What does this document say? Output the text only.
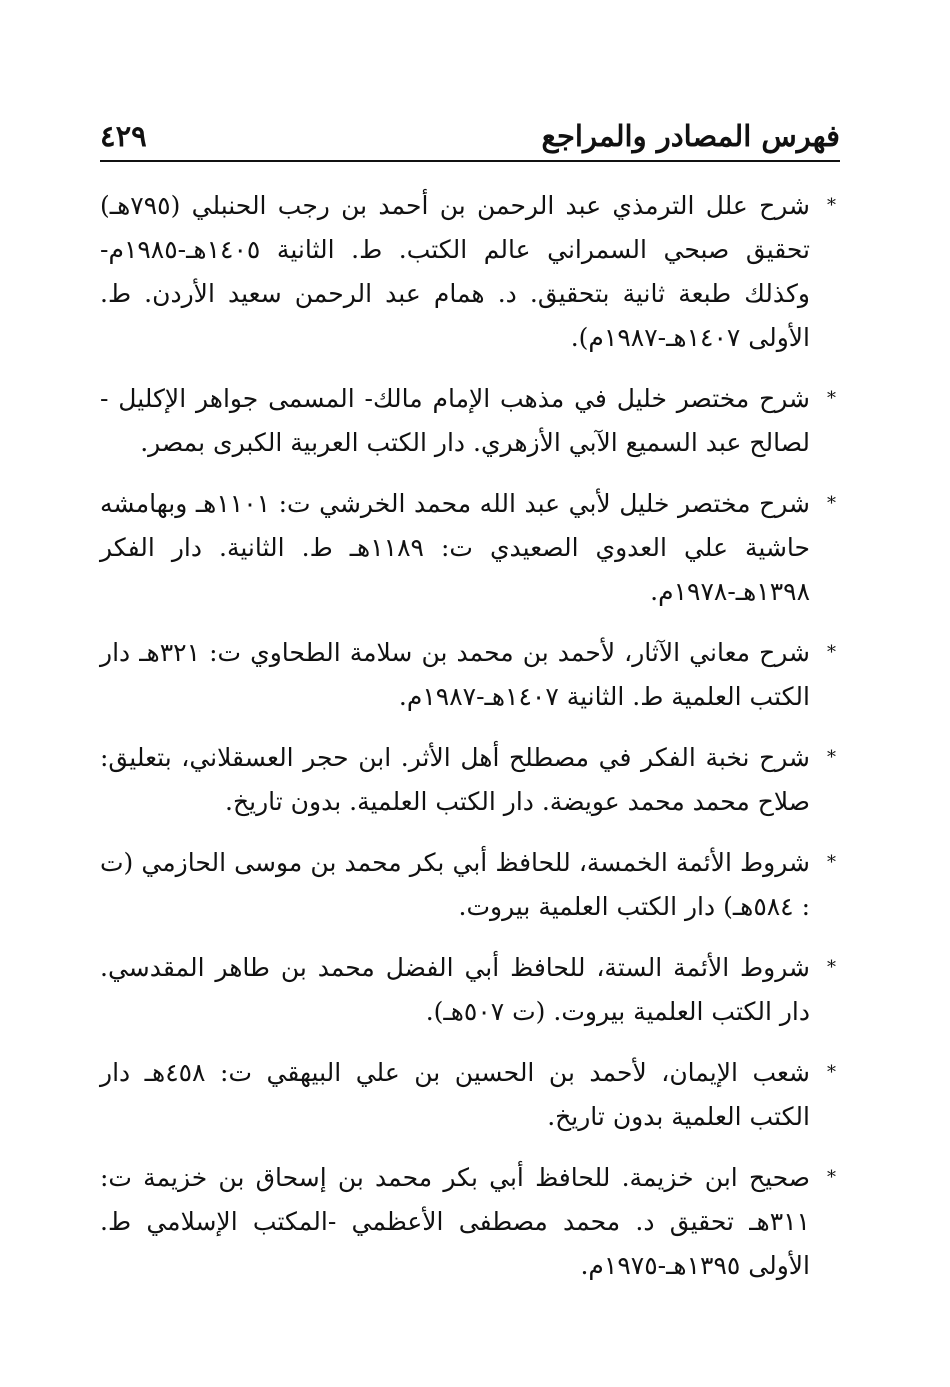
فهرس المصادر والمراجع
٤٢٩
*
شرح علل الترمذي عبد الرحمن بن أحمد بن رجب الحنبلي (٧٩٥هـ) تحقيق صبحي السمراني عالم الكتب. ط. الثانية ١٤٠٥هـ-١٩٨٥م- وكذلك طبعة ثانية بتحقيق. د. همام عبد الرحمن سعيد الأردن. ط. الأولى ١٤٠٧هـ-١٩٨٧م).
*
شرح مختصر خليل في مذهب الإمام مالك- المسمى جواهر الإكليل - لصالح عبد السميع الآبي الأزهري. دار الكتب العربية الكبرى بمصر.
*
شرح مختصر خليل لأبي عبد الله محمد الخرشي ت: ١١٠١هـ وبهامشه حاشية علي العدوي الصعيدي ت: ١١٨٩هـ ط. الثانية. دار الفكر ١٣٩٨هـ-١٩٧٨م.
*
شرح معاني الآثار، لأحمد بن محمد بن سلامة الطحاوي ت: ٣٢١هـ دار الكتب العلمية ط. الثانية ١٤٠٧هـ-١٩٨٧م.
*
شرح نخبة الفكر في مصطلح أهل الأثر. ابن حجر العسقلاني، بتعليق: صلاح محمد محمد عويضة. دار الكتب العلمية. بدون تاريخ.
*
شروط الأئمة الخمسة، للحافظ أبي بكر محمد بن موسى الحازمي (ت : ٥٨٤هـ) دار الكتب العلمية بيروت.
*
شروط الأئمة الستة، للحافظ أبي الفضل محمد بن طاهر المقدسي. دار الكتب العلمية بيروت. (ت ٥٠٧هـ).
*
شعب الإيمان، لأحمد بن الحسين بن علي البيهقي ت: ٤٥٨هـ دار الكتب العلمية بدون تاريخ.
*
صحيح ابن خزيمة. للحافظ أبي بكر محمد بن إسحاق بن خزيمة ت: ٣١١هـ تحقيق د. محمد مصطفى الأعظمي -المكتب الإسلامي ط. الأولى ١٣٩٥هـ-١٩٧٥م.
